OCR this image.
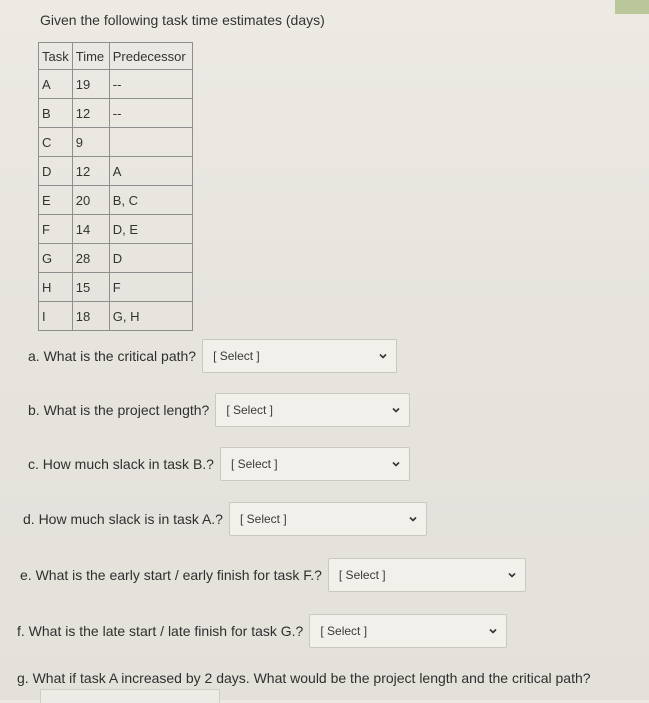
Given the following task time estimates (days)
Task	Time	Predecessor
A	19	--
B	12	--
C	9	
D	12	A
E	20	B, C
F	14	D, E
G	28	D
H	15	F
I	18	G, H
a. What is the critical path? [ Select ]
b. What is the project length? [ Select ]
c. How much slack in task B.? [ Select ]
d. How much slack is in task A.? [ Select ]
e. What is the early start / early finish for task F.? [ Select ]
f. What is the late start / late finish for task G.? [ Select ]
g. What if task A increased by 2 days. What would be the project length and the critical path?
